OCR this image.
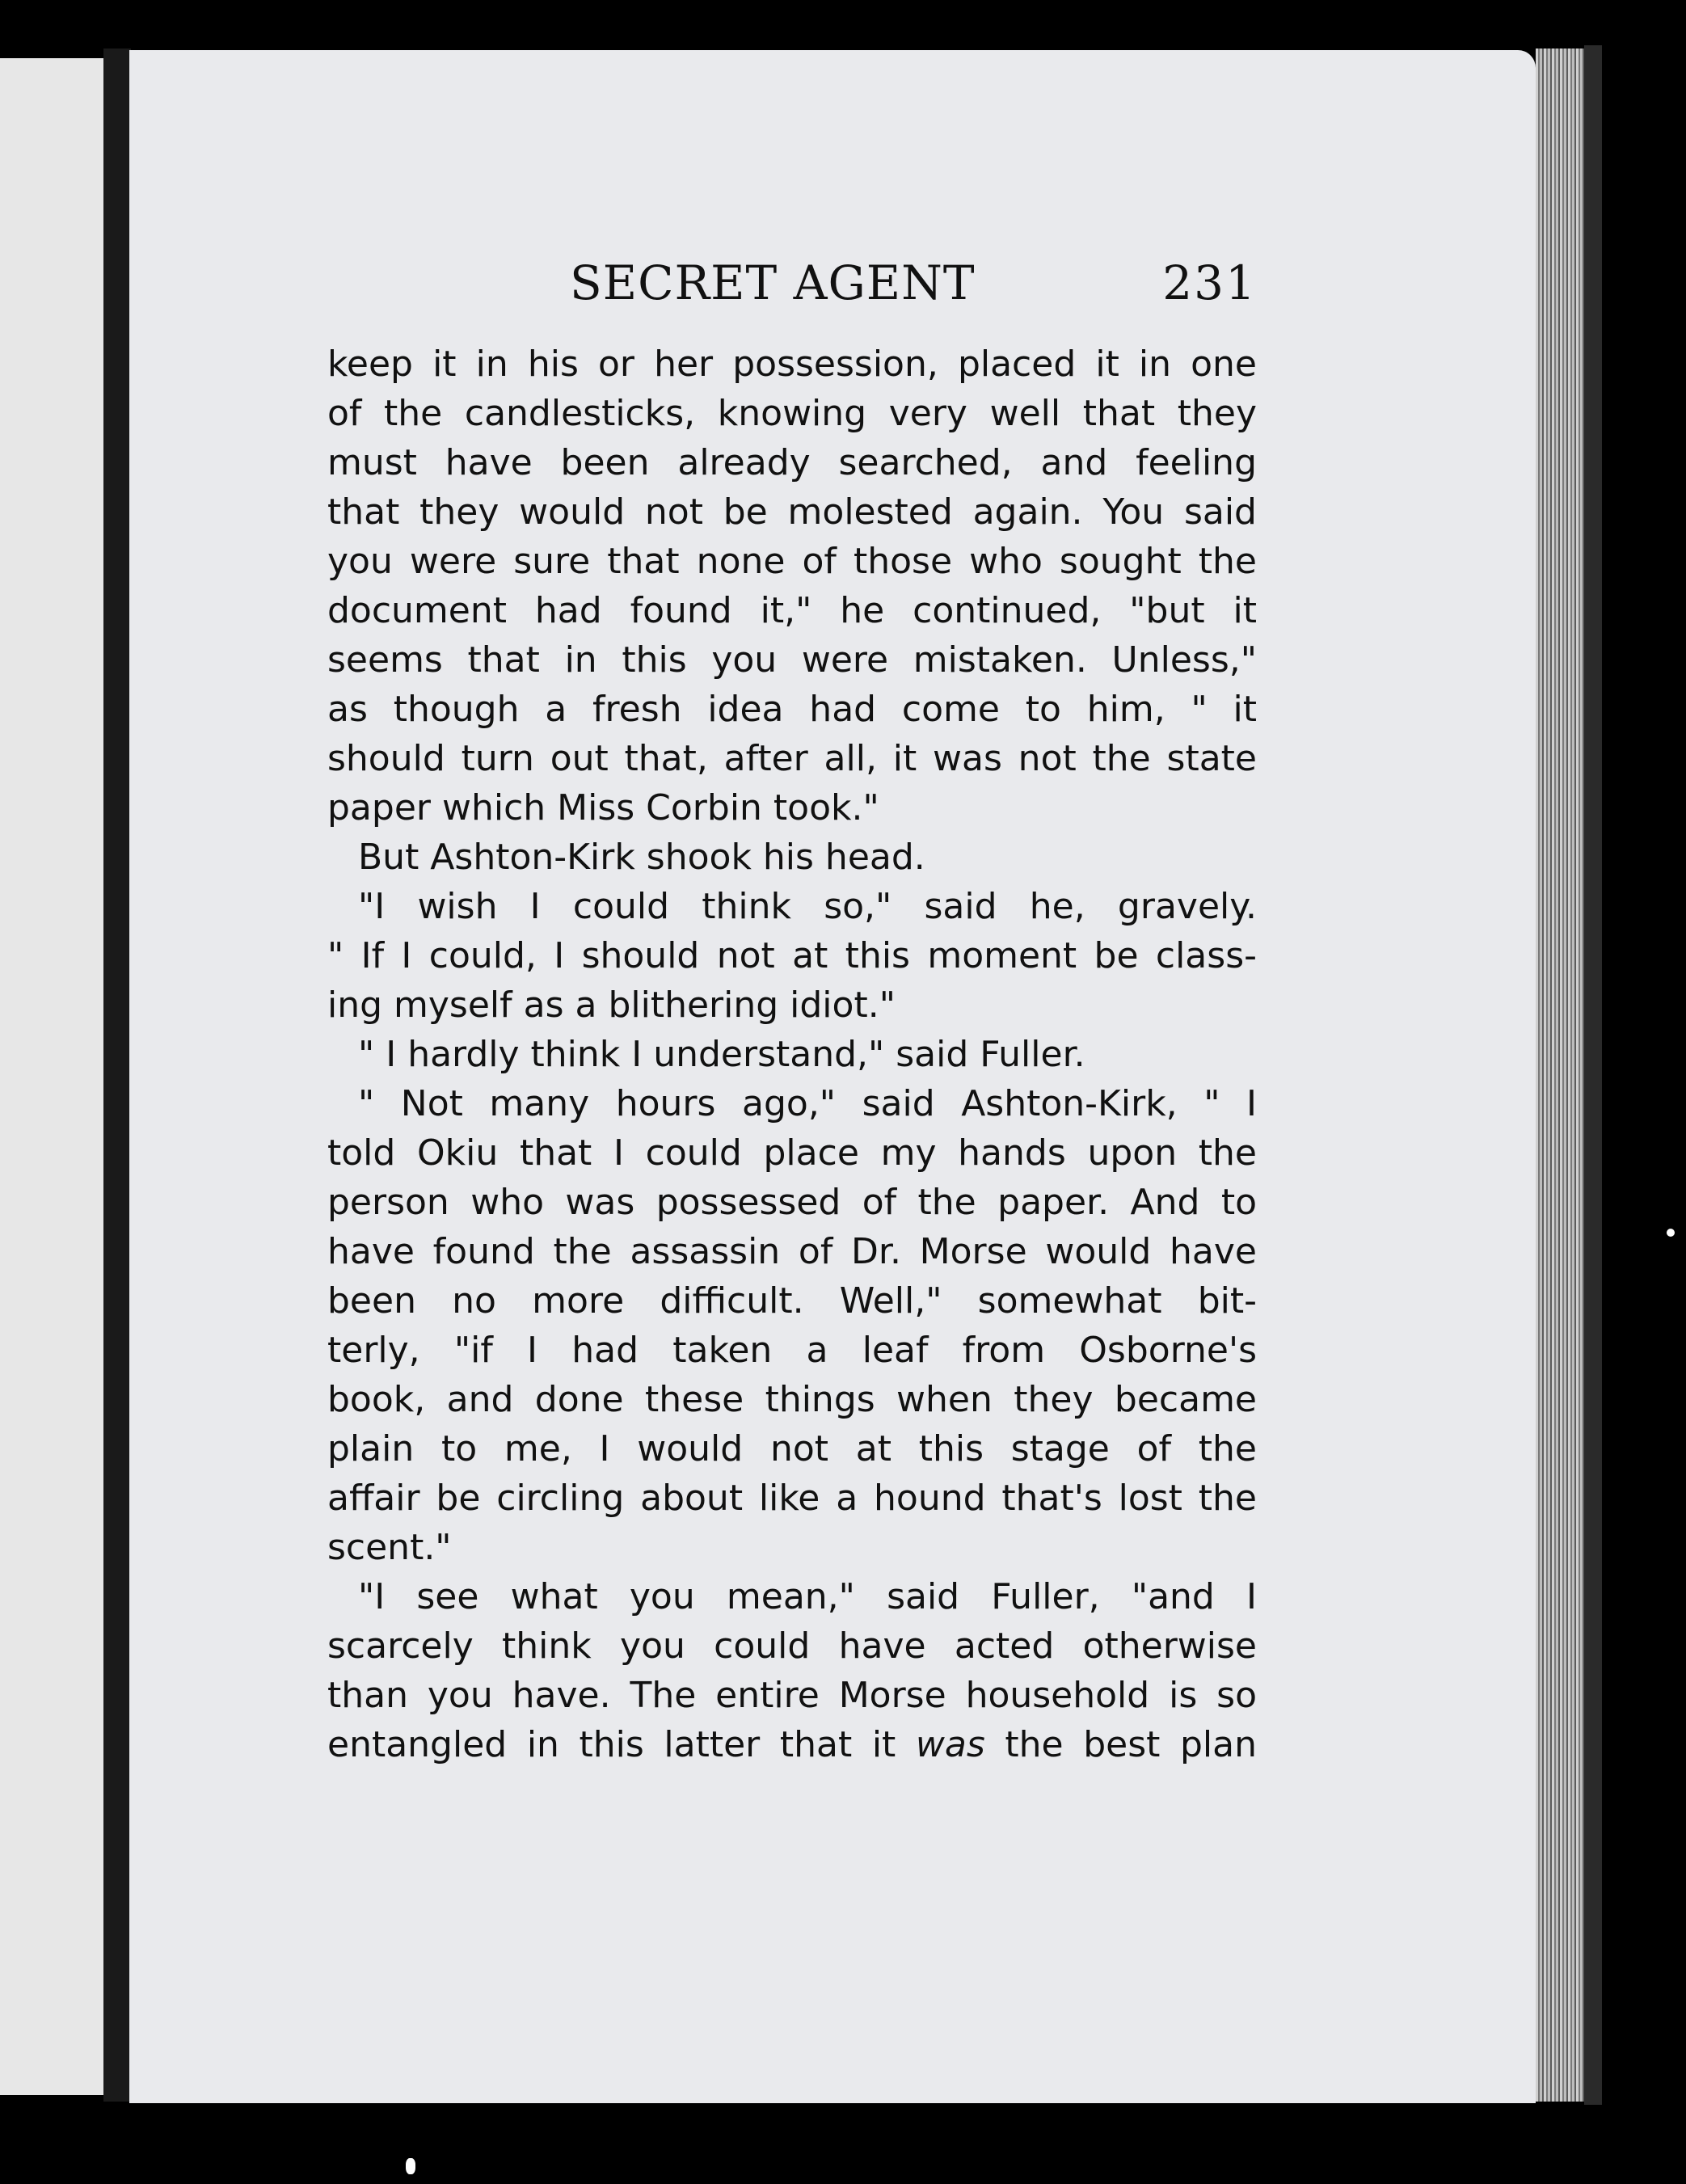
SECRET AGENT	231
keep it in his or her possession, placed it in one
of the candlesticks, knowing very well that they
must have been already searched, and feeling
that they would not be molested again. You said
you were sure that none of those who sought the
document had found it," he continued, "but it
seems that in this you were mistaken. Unless,"
as though a fresh idea had come to him, " it
should turn out that, after all, it was not the state
paper which Miss Corbin took."
But Ashton-Kirk shook his head.
"I wish I could think so," said he, gravely.
" If I could, I should not at this moment be class-
ing myself as a blithering idiot."
" I hardly think I understand," said Fuller.
" Not many hours ago," said Ashton-Kirk, " I
told Okiu that I could place my hands upon the
person who was possessed of the paper. And to
have found the assassin of Dr. Morse would have
been no more difficult. Well," somewhat bit-
terly, "if I had taken a leaf from Osborne's
book, and done these things when they became
plain to me, I would not at this stage of the
affair be circling about like a hound that's lost the
scent."
"I see what you mean," said Fuller, "and I
scarcely think you could have acted otherwise
than you have. The entire Morse household is so
entangled in this latter that it was the best plan
